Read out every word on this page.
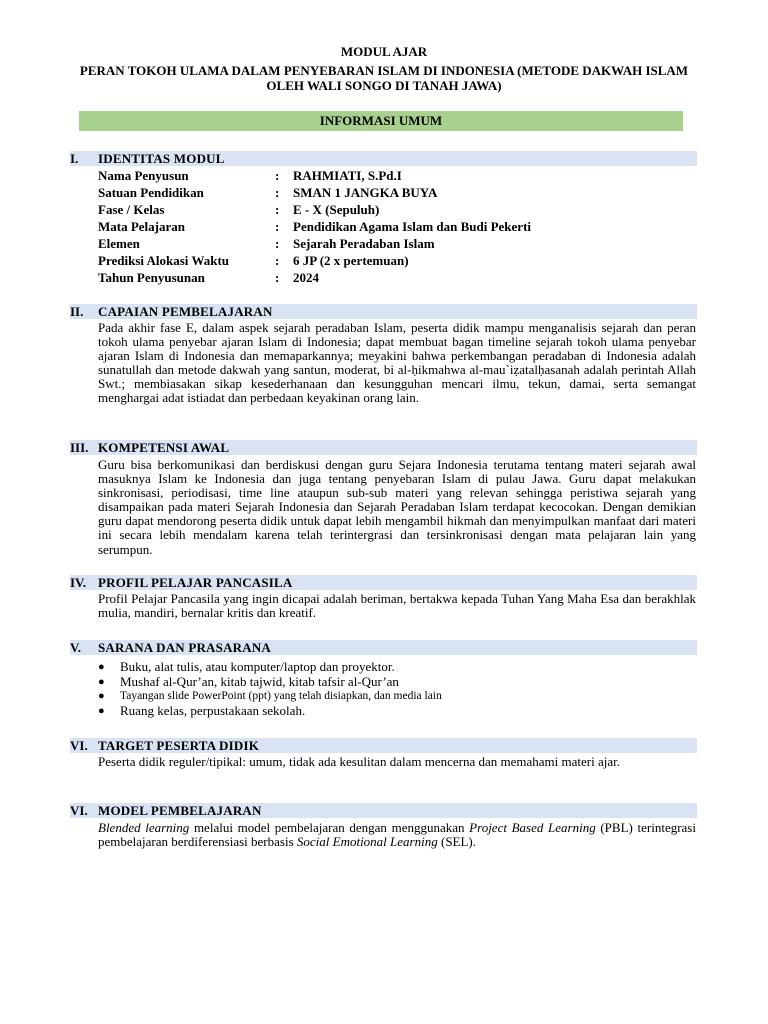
MODUL AJAR
PERAN TOKOH ULAMA DALAM PENYEBARAN ISLAM DI INDONESIA (METODE DAKWAH ISLAM OLEH WALI SONGO DI TANAH JAWA)
INFORMASI UMUM
I. IDENTITAS MODUL
Nama Penyusun	: RAHMIATI, S.Pd.I
Satuan Pendidikan	: SMAN 1 JANGKA BUYA
Fase / Kelas	: E - X (Sepuluh)
Mata Pelajaran	: Pendidikan Agama Islam dan Budi Pekerti
Elemen	: Sejarah Peradaban Islam
Prediksi Alokasi Waktu	: 6 JP (2 x pertemuan)
Tahun Penyusunan	: 2024
II. CAPAIAN PEMBELAJARAN
Pada akhir fase E, dalam aspek sejarah peradaban Islam, peserta didik mampu menganalisis sejarah dan peran tokoh ulama penyebar ajaran Islam di Indonesia; dapat membuat bagan timeline sejarah tokoh ulama penyebar ajaran Islam di Indonesia dan memaparkannya; meyakini bahwa perkembangan peradaban di Indonesia adalah sunatullah dan metode dakwah yang santun, moderat, bi al-ḥikmahwa al-mau`iẓatalḥasanah adalah perintah Allah Swt.; membiasakan sikap kesederhanaan dan kesungguhan mencari ilmu, tekun, damai, serta semangat menghargai adat istiadat dan perbedaan keyakinan orang lain.
III. KOMPETENSI AWAL
Guru bisa berkomunikasi dan berdiskusi dengan guru Sejara Indonesia terutama tentang materi sejarah awal masuknya Islam ke Indonesia dan juga tentang penyebaran Islam di pulau Jawa. Guru dapat melakukan sinkronisasi, periodisasi, time line ataupun sub-sub materi yang relevan sehingga peristiwa sejarah yang disampaikan pada materi Sejarah Indonesia dan Sejarah Peradaban Islam terdapat kecocokan. Dengan demikian guru dapat mendorong peserta didik untuk dapat lebih mengambil hikmah dan menyimpulkan manfaat dari materi ini secara lebih mendalam karena telah terintergrasi dan tersinkronisasi dengan mata pelajaran lain yang serumpun.
IV. PROFIL PELAJAR PANCASILA
Profil Pelajar Pancasila yang ingin dicapai adalah beriman, bertakwa kepada Tuhan Yang Maha Esa dan berakhlak mulia, mandiri, bernalar kritis dan kreatif.
V. SARANA DAN PRASARANA
● Buku, alat tulis, atau komputer/laptop dan proyektor.
● Mushaf al-Qur’an, kitab tajwid, kitab tafsir al-Qur’an
● Tayangan slide PowerPoint (ppt) yang telah disiapkan, dan media lain
● Ruang kelas, perpustakaan sekolah.
VI. TARGET PESERTA DIDIK
Peserta didik reguler/tipikal: umum, tidak ada kesulitan dalam mencerna dan memahami materi ajar.
VI. MODEL PEMBELAJARAN
Blended learning melalui model pembelajaran dengan menggunakan Project Based Learning (PBL) terintegrasi pembelajaran berdiferensiasi berbasis Social Emotional Learning (SEL).
